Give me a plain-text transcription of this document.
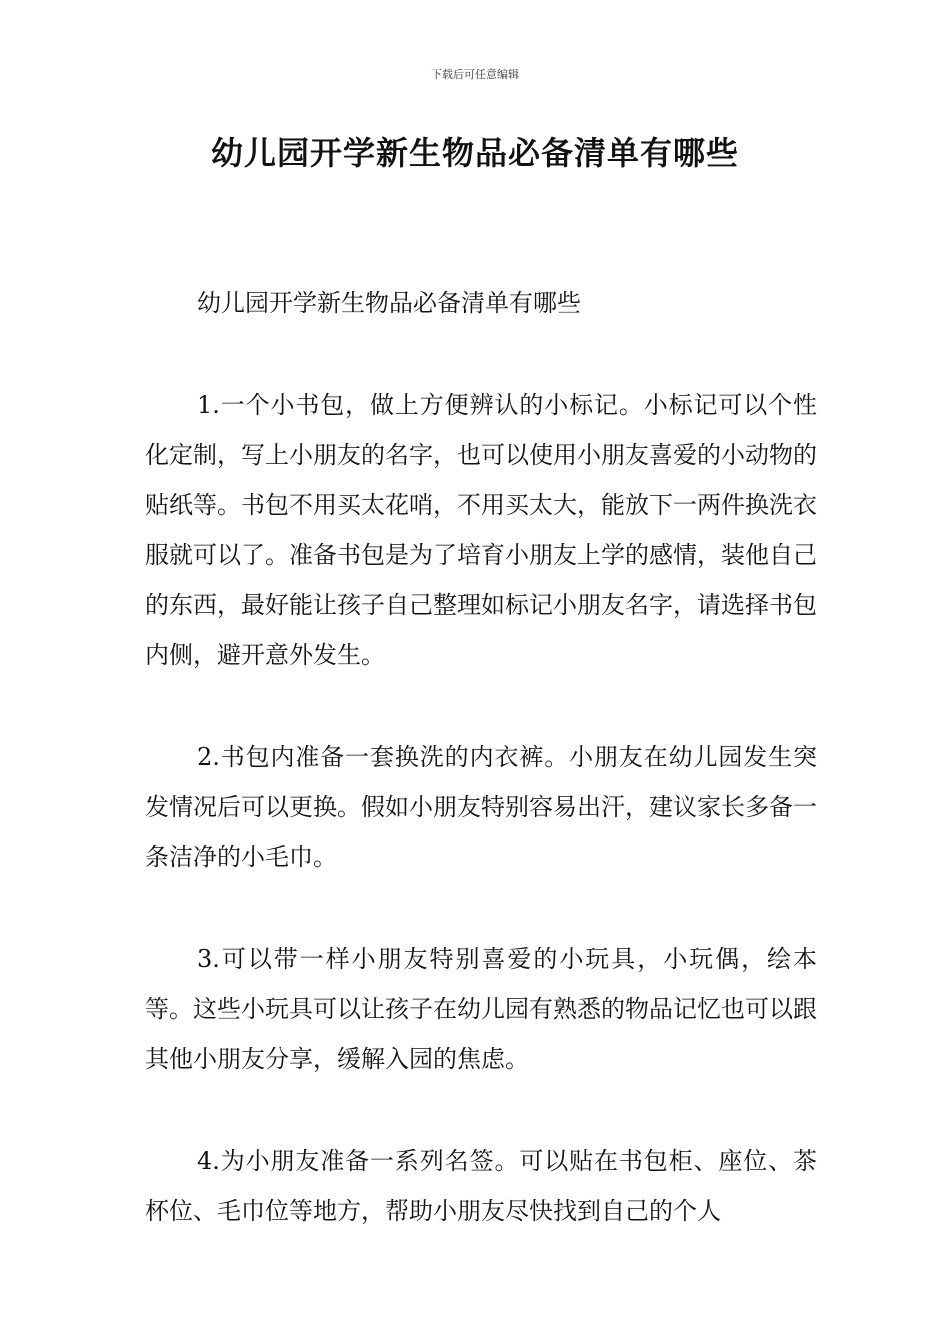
下载后可任意编辑
幼儿园开学新生物品必备清单有哪些

幼儿园开学新生物品必备清单有哪些

1.一个小书包，做上方便辨认的小标记。小标记可以个性化定制，写上小朋友的名字，也可以使用小朋友喜爱的小动物的贴纸等。书包不用买太花哨，不用买太大，能放下一两件换洗衣服就可以了。准备书包是为了培育小朋友上学的感情，装他自己的东西，最好能让孩子自己整理如标记小朋友名字，请选择书包内侧，避开意外发生。

2.书包内准备一套换洗的内衣裤。小朋友在幼儿园发生突发情况后可以更换。假如小朋友特别容易出汗，建议家长多备一条洁净的小毛巾。

3.可以带一样小朋友特别喜爱的小玩具，小玩偶，绘本等。这些小玩具可以让孩子在幼儿园有熟悉的物品记忆也可以跟其他小朋友分享，缓解入园的焦虑。

4.为小朋友准备一系列名签。可以贴在书包柜、座位、茶杯位、毛巾位等地方，帮助小朋友尽快找到自己的个人
